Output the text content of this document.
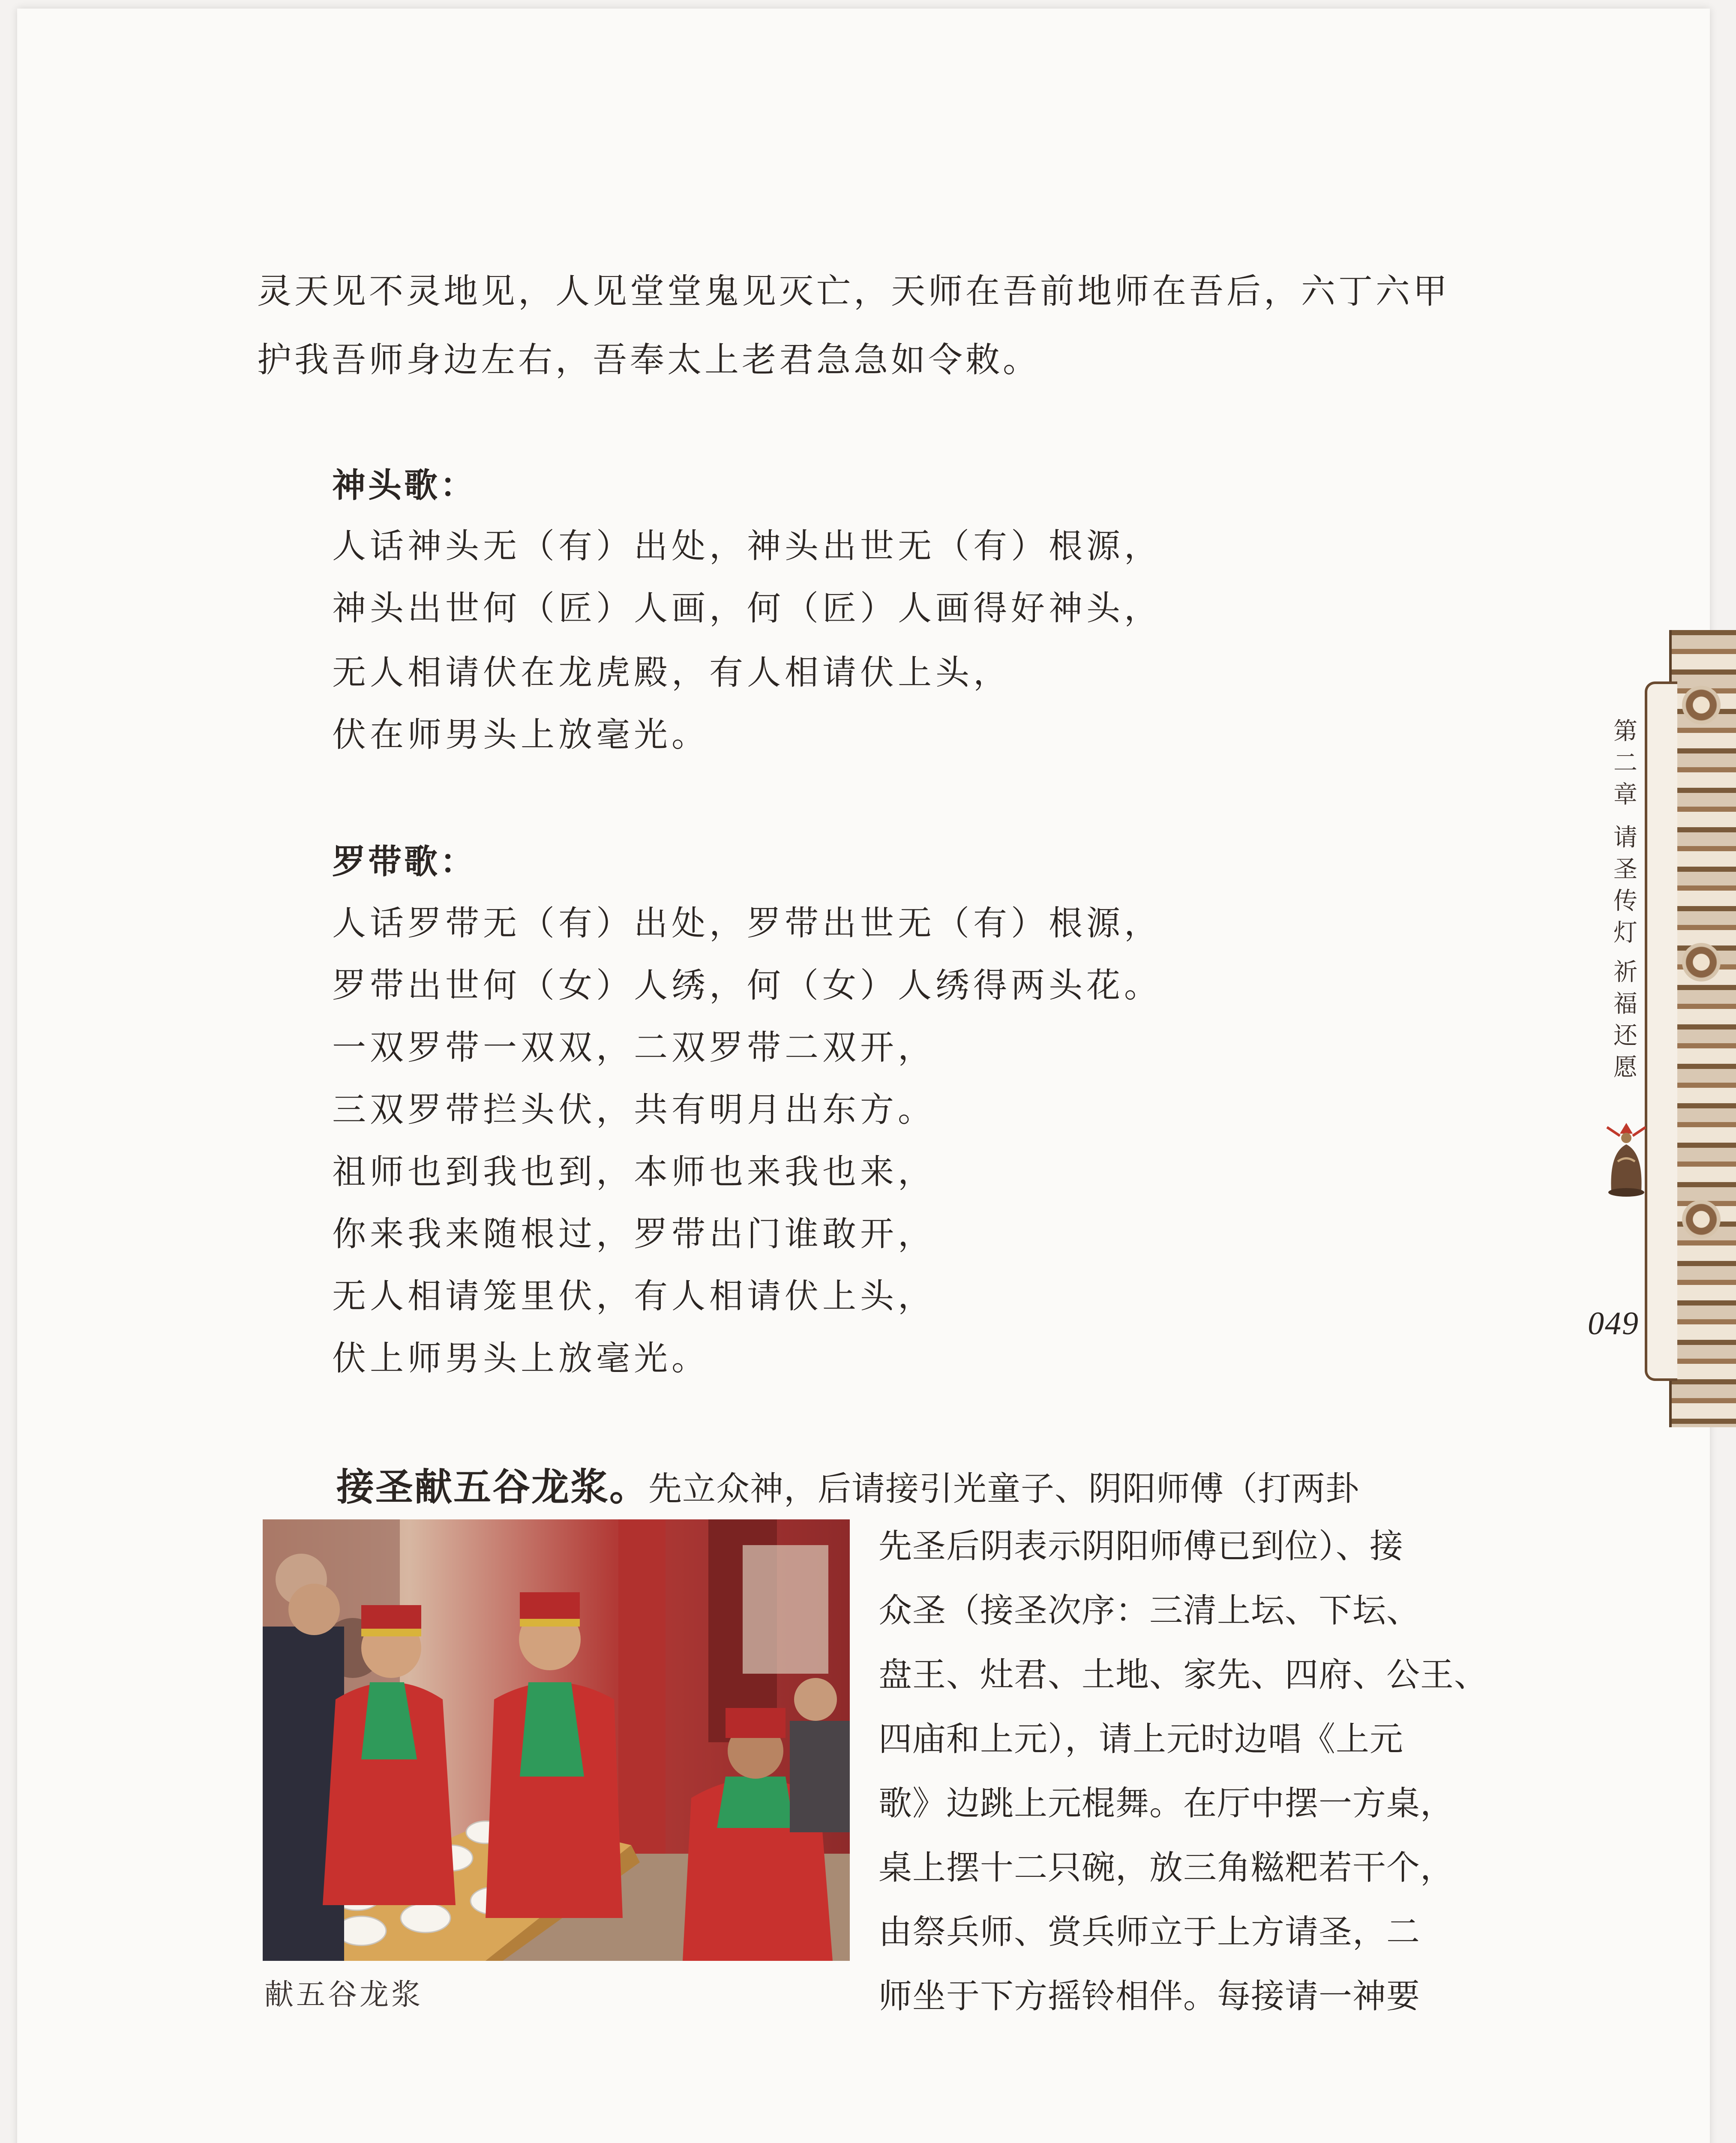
灵天见不灵地见，人见堂堂鬼见灭亡，天师在吾前地师在吾后，六丁六甲
护我吾师身边左右，吾奉太上老君急急如令敕。
神头歌：
人话神头无（有）出处，神头出世无（有）根源，
神头出世何（匠）人画，何（匠）人画得好神头，
无人相请伏在龙虎殿，有人相请伏上头，
伏在师男头上放毫光。
罗带歌：
人话罗带无（有）出处，罗带出世无（有）根源，
罗带出世何（女）人绣，何（女）人绣得两头花。
一双罗带一双双，二双罗带二双开，
三双罗带拦头伏，共有明月出东方。
祖师也到我也到，本师也来我也来，
你来我来随根过，罗带出门谁敢开，
无人相请笼里伏，有人相请伏上头，
伏上师男头上放毫光。
接圣献五谷龙浆。先立众神，后请接引光童子、阴阳师傅（打两卦
先圣后阴表示阴阳师傅已到位）、接
众圣（接圣次序：三清上坛、下坛、
盘王、灶君、土地、家先、四府、公王、
四庙和上元），请上元时边唱《上元
歌》边跳上元棍舞。在厅中摆一方桌，
桌上摆十二只碗，放三角糍粑若干个，
由祭兵师、赏兵师立于上方请圣，二
师坐于下方摇铃相伴。每接请一神要
献五谷龙浆
第
二
章
请
圣
传
灯
祈
福
还
愿
049
